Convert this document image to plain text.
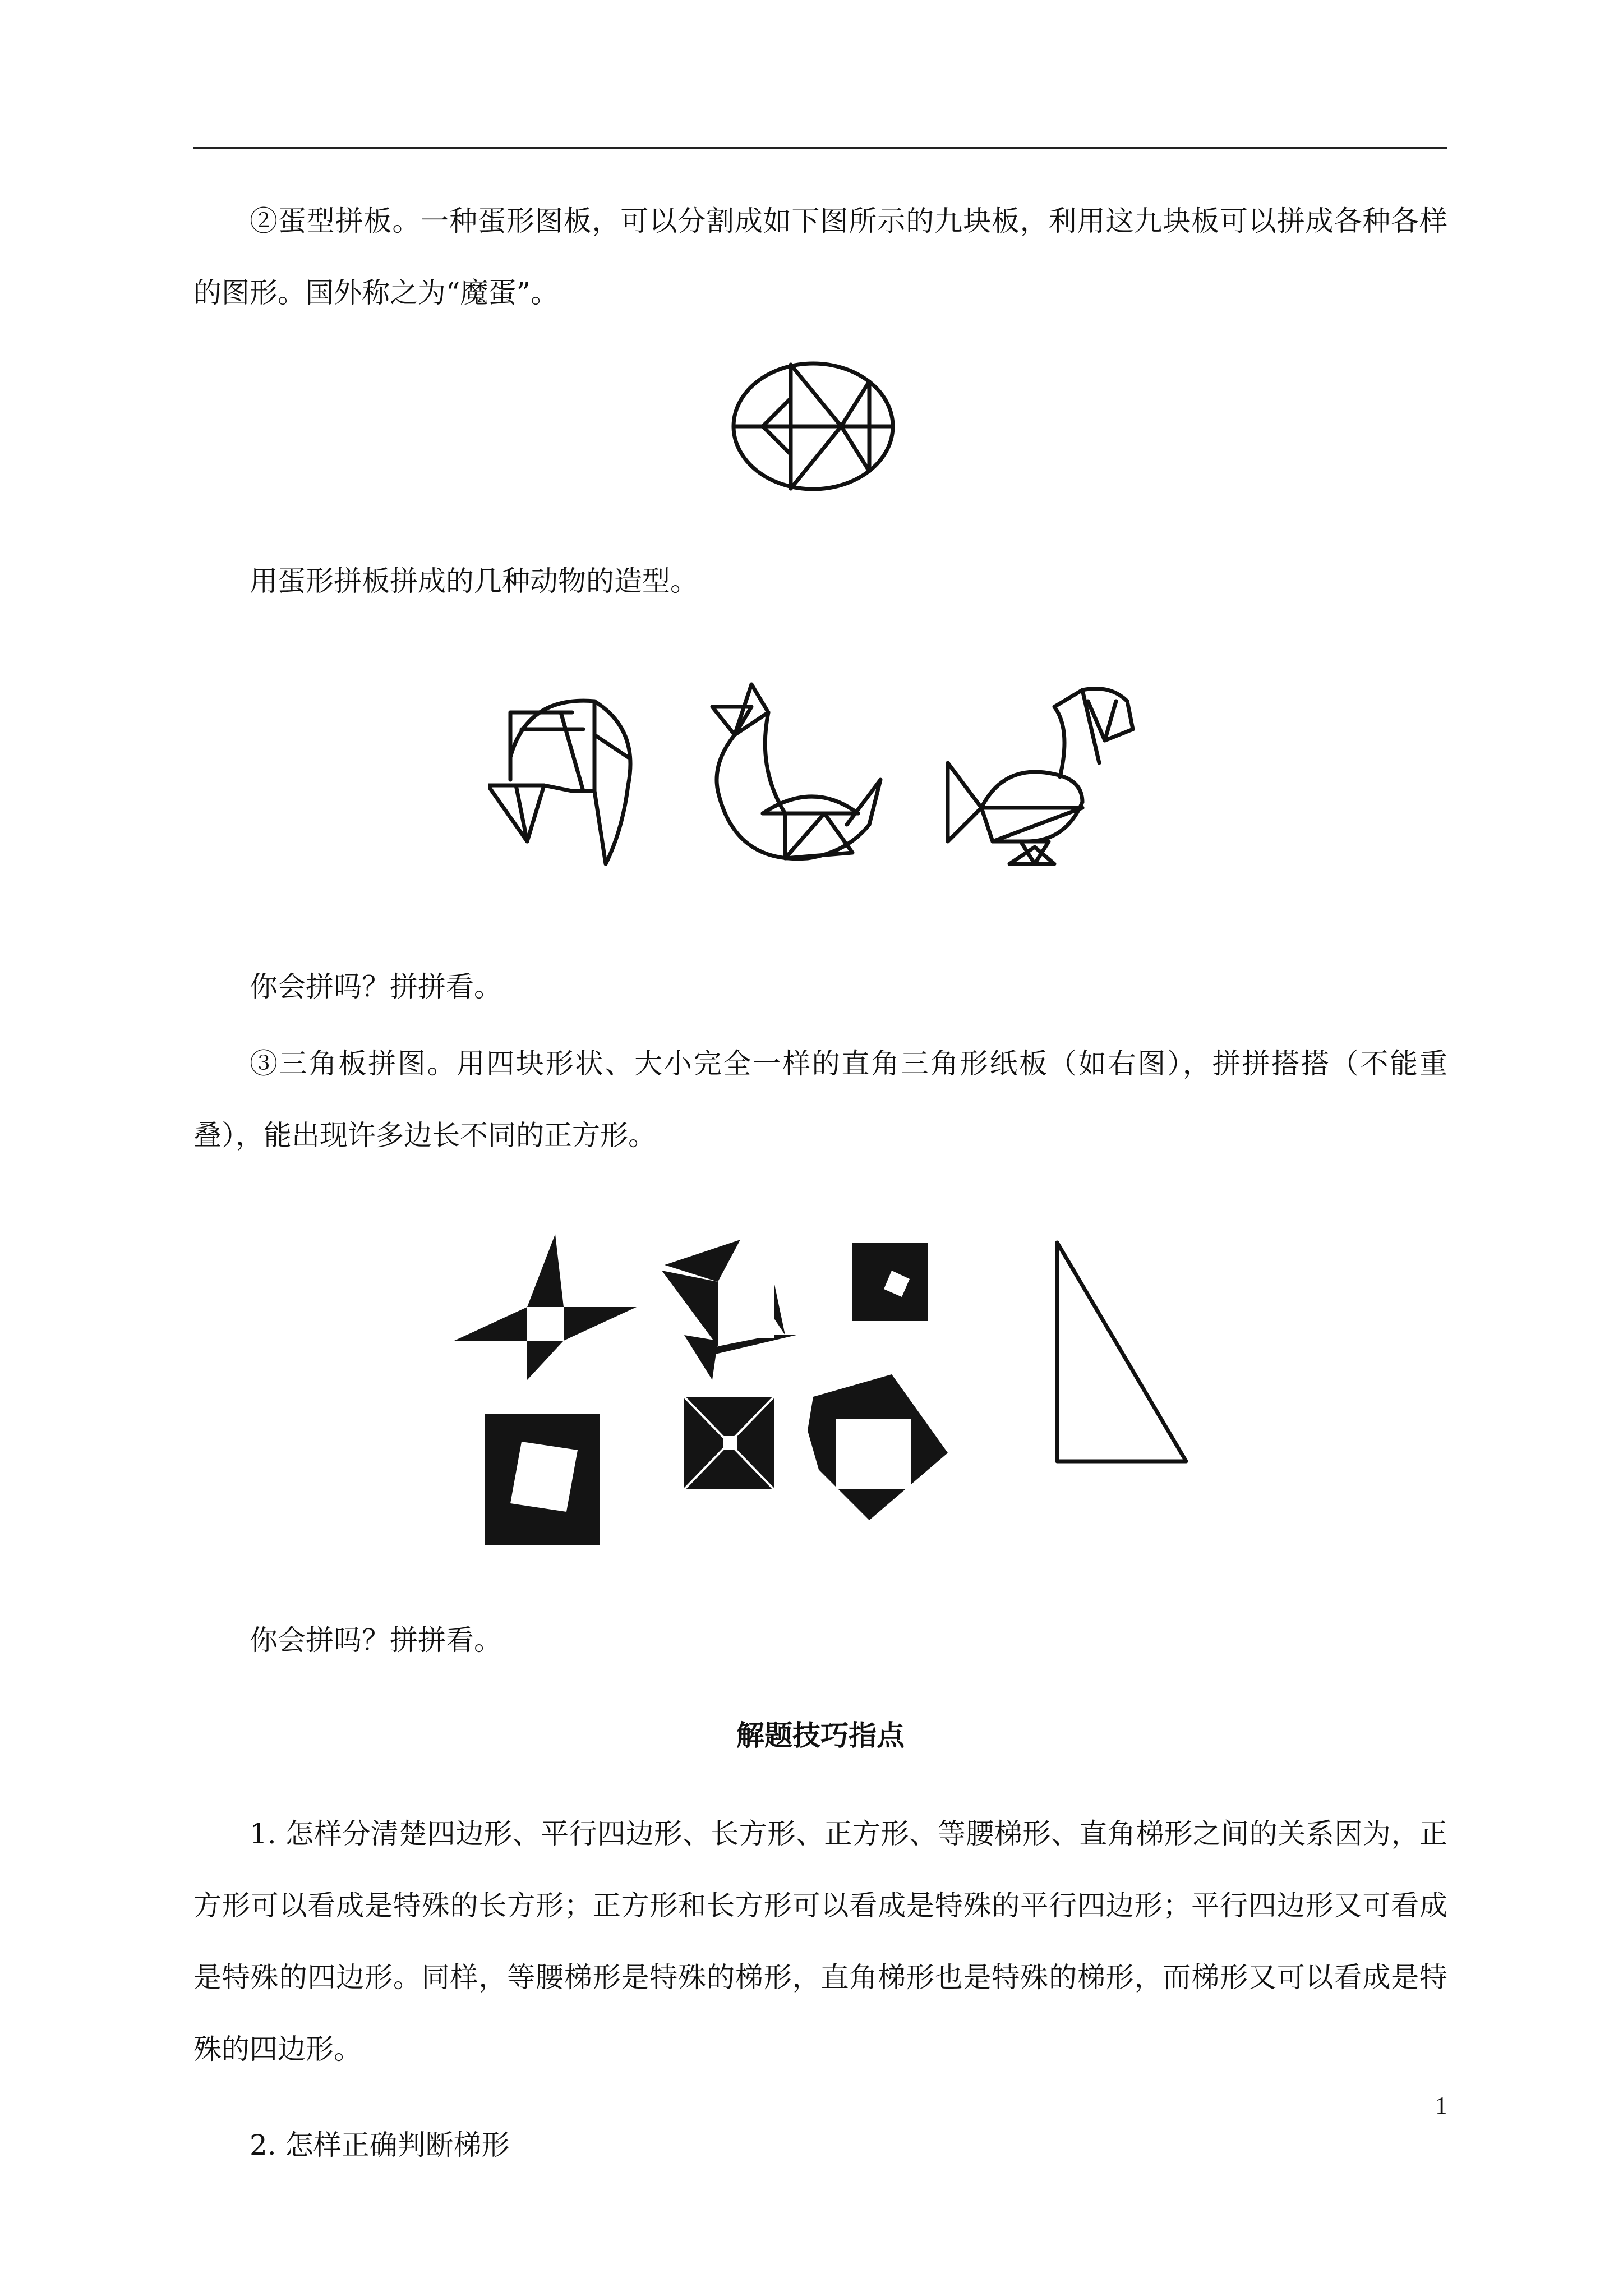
②蛋型拼板。一种蛋形图板，可以分割成如下图所示的九块板，利用这九块板可以拼成各种各样的图形。国外称之为“魔蛋”。

用蛋形拼板拼成的几种动物的造型。

你会拼吗？拼拼看。

③三角板拼图。用四块形状、大小完全一样的直角三角形纸板（如右图），拼拼搭搭（不能重叠），能出现许多边长不同的正方形。

你会拼吗？拼拼看。

解题技巧指点

1. 怎样分清楚四边形、平行四边形、长方形、正方形、等腰梯形、直角梯形之间的关系因为，正方形可以看成是特殊的长方形；正方形和长方形可以看成是特殊的平行四边形；平行四边形又可看成是特殊的四边形。同样，等腰梯形是特殊的梯形，直角梯形也是特殊的梯形，而梯形又可以看成是特殊的四边形。

2. 怎样正确判断梯形

1
